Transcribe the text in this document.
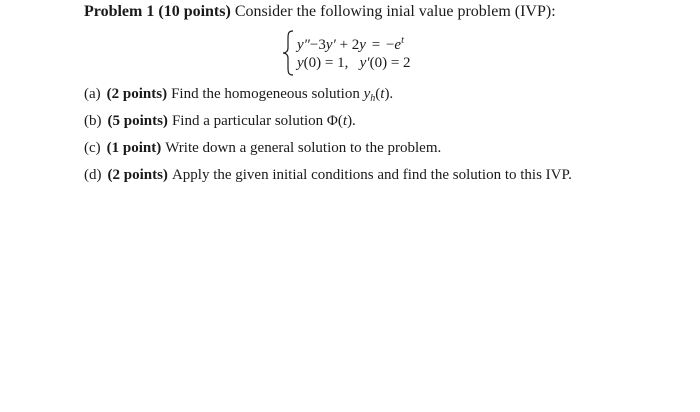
Problem 1 (10 points) Consider the following inial value problem (IVP):
$y''-3y' + 2y = -e^t$
y(0) = 1, y′(0) = 2
(a) (2 points) Find the homogeneous solution $y_h(t)$.
(b) (5 points) Find a particular solution Φ(t).
(c) (1 point) Write down a general solution to the problem.
(d) (2 points) Apply the given initial conditions and find the solution to this IVP.
